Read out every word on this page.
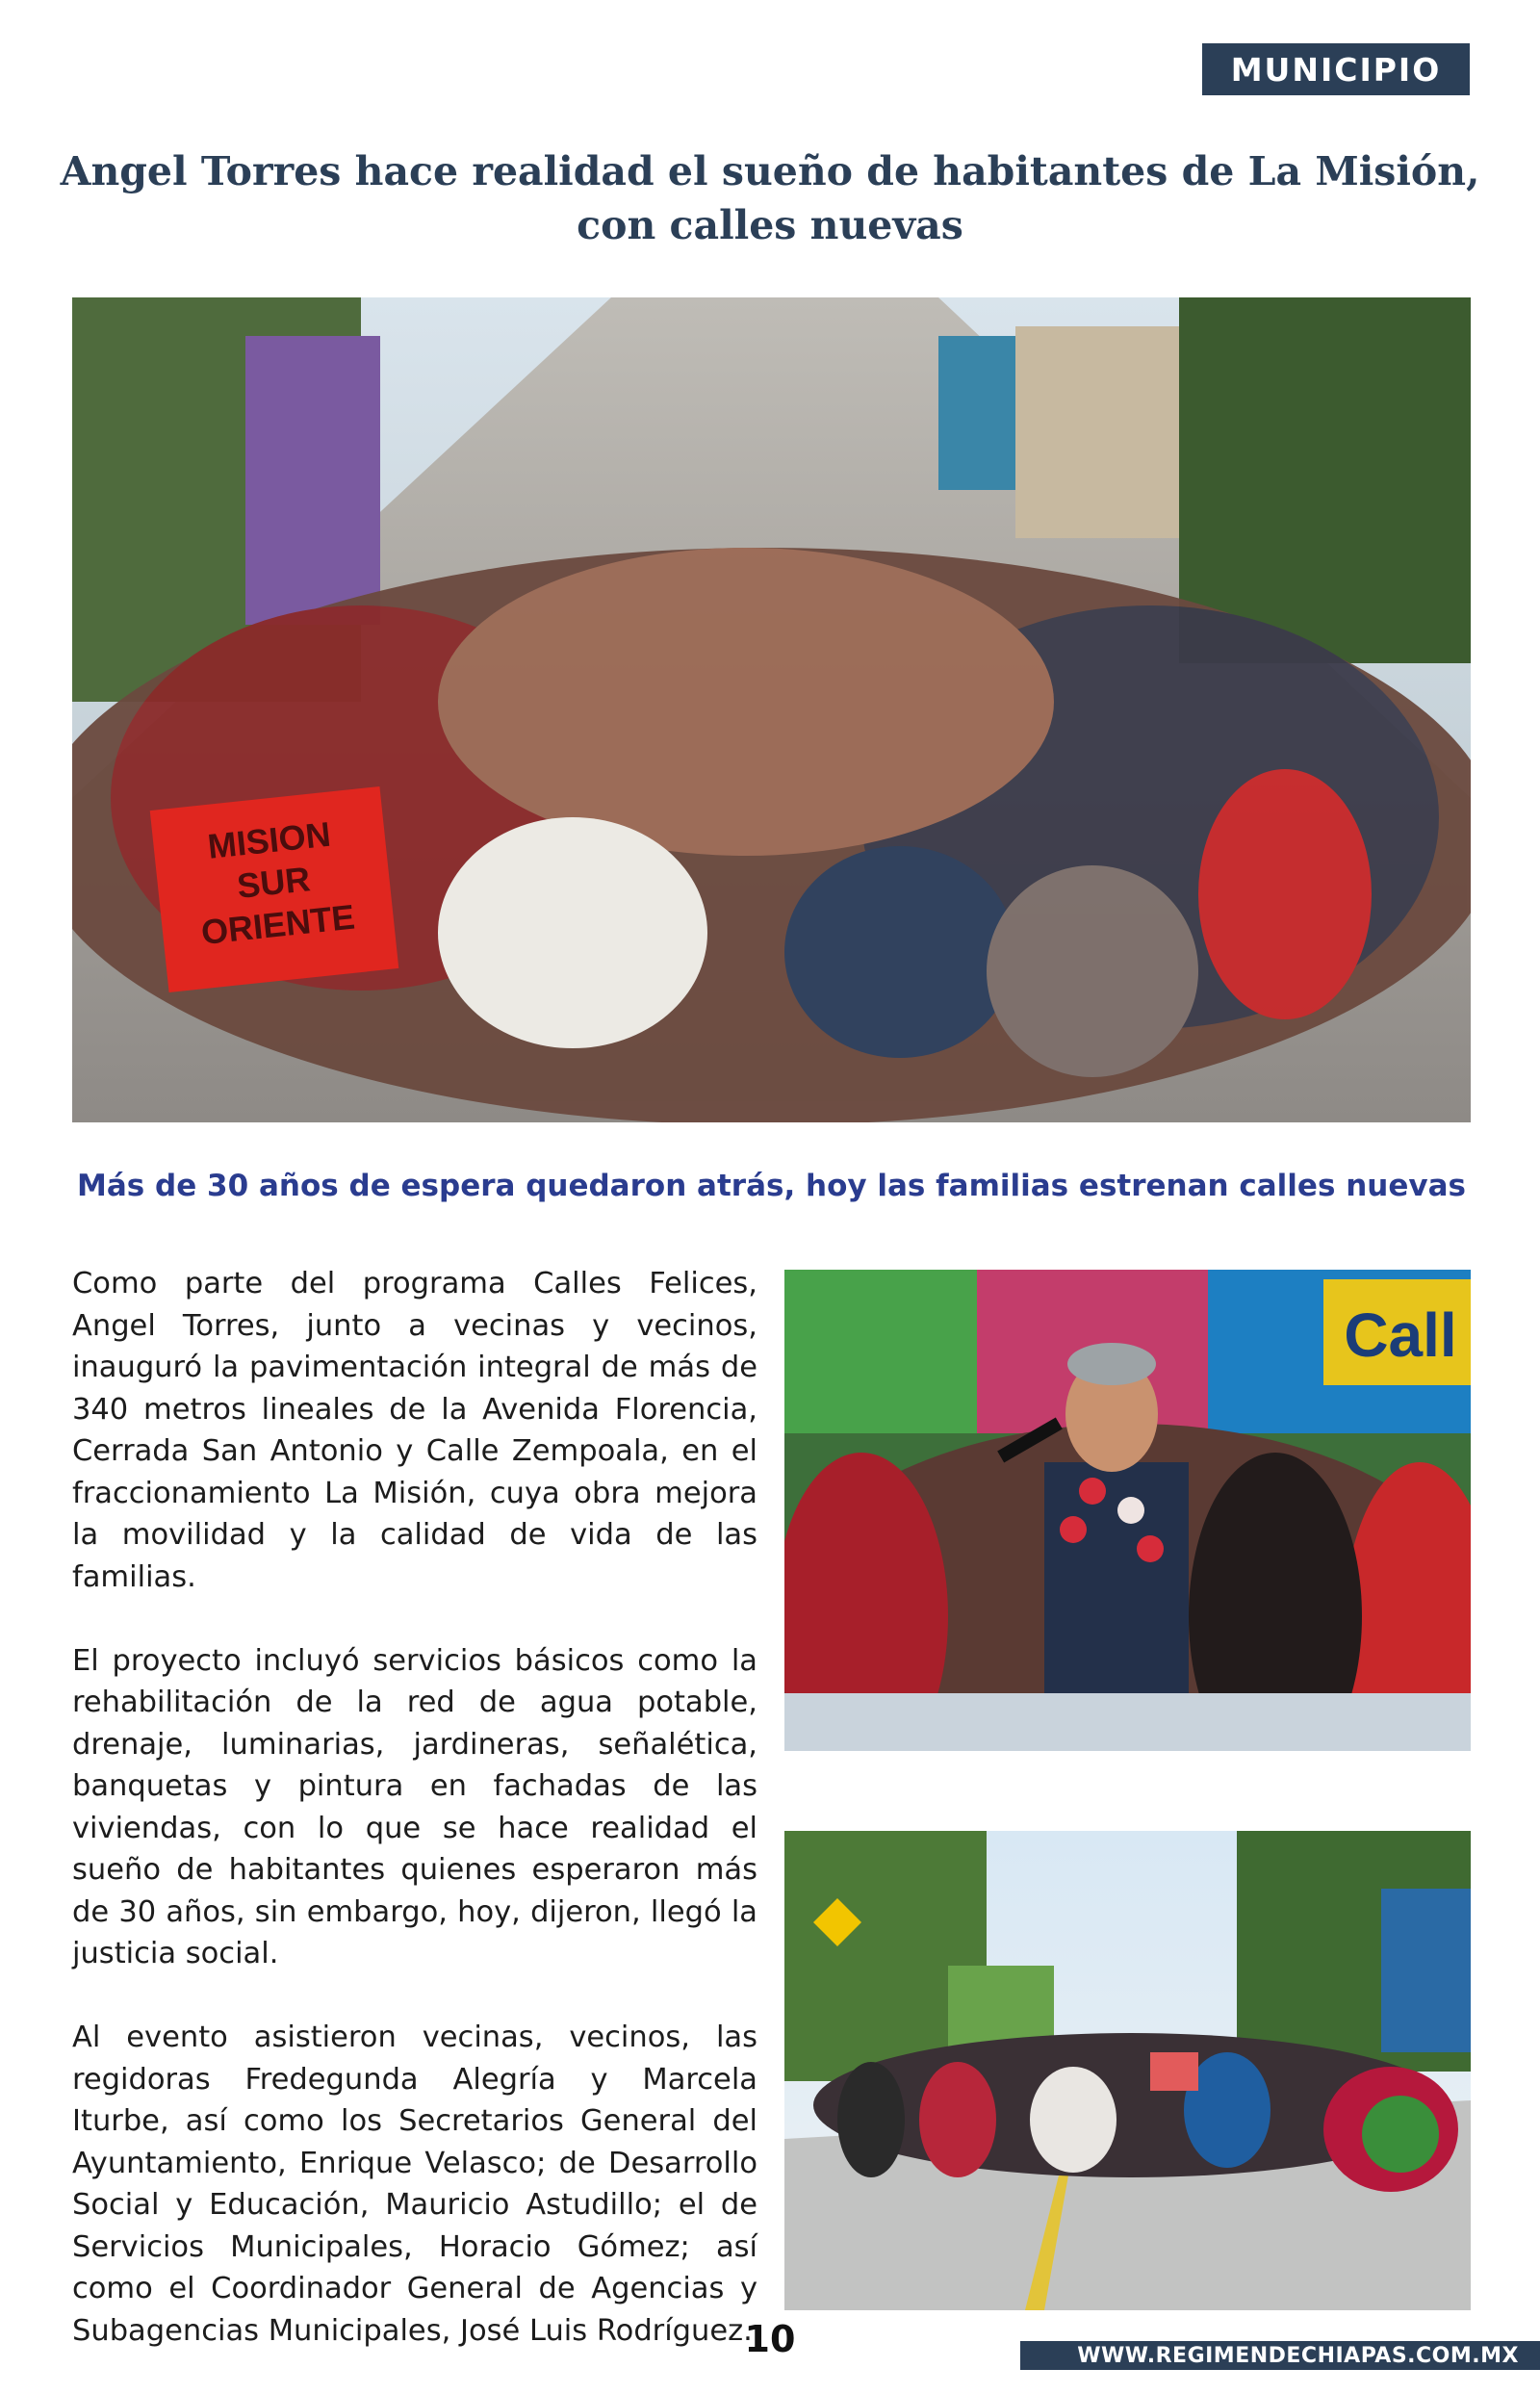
MUNICIPIO
Angel Torres hace realidad el sueño de habitantes de La Misión, con calles nuevas
MISIONSURORIENTE
Más de 30 años de espera quedaron atrás, hoy las familias estrenan calles nuevas

Como parte del programa Calles Felices, Angel Torres, junto a vecinas y vecinos, inauguró la pavimentación integral de más de 340 metros lineales de la Avenida Florencia, Cerrada San Antonio y Calle Zempoala, en el fraccionamiento La Misión, cuya obra mejora la movilidad y la calidad de vida de las familias.

El proyecto incluyó servicios básicos como la rehabilitación de la red de agua potable, drenaje, luminarias, jardineras, señalética, banquetas y pintura en fachadas de las viviendas, con lo que se hace realidad el sueño de habitantes quienes esperaron más de 30 años, sin embargo, hoy, dijeron, llegó la justicia social.

Al evento asistieron vecinas, vecinos, las regidoras Fredegunda Alegría y Marcela Iturbe, así como los Secretarios General del Ayuntamiento, Enrique Velasco; de Desarrollo Social y Educación, Mauricio Astudillo; el de Servicios Municipales, Horacio Gómez; así como el Coordinador General de Agencias y Subagencias Municipales, José Luis Rodríguez.

Call
10	WWW.REGIMENDECHIAPAS.COM.MX
